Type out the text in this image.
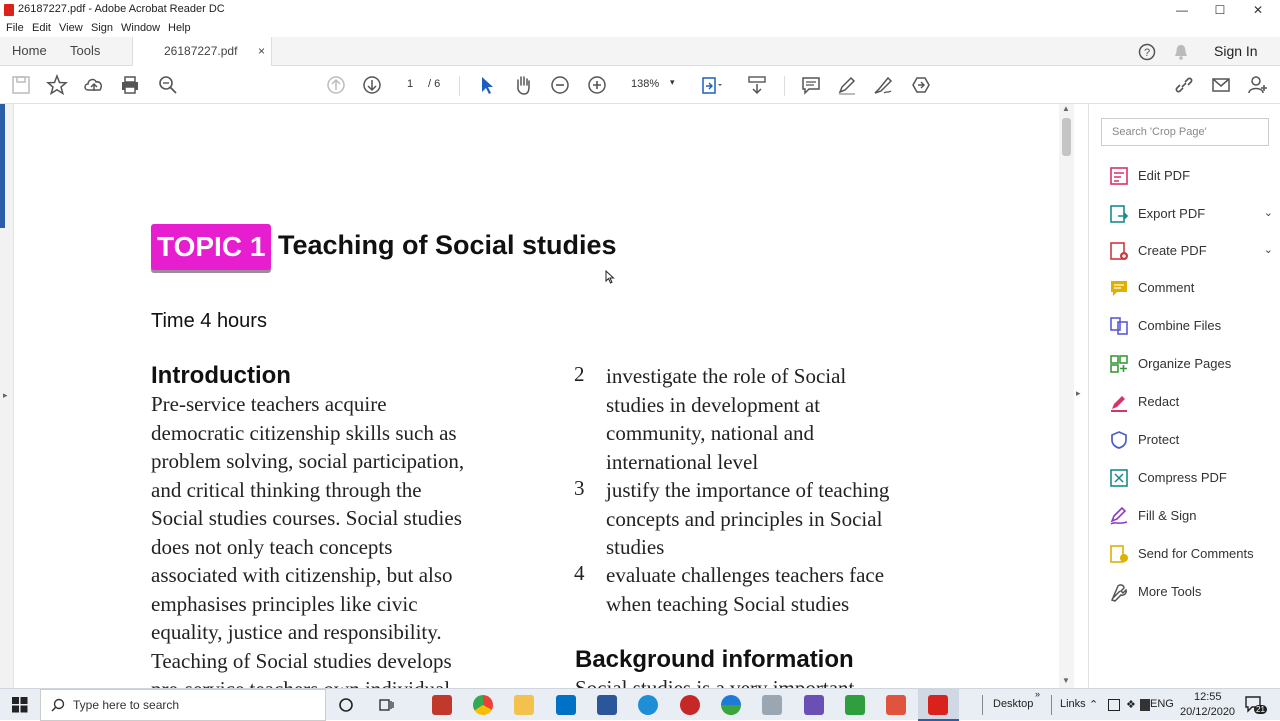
26187227.pdf - Adobe Acrobat Reader DC	—	☐	✕
File Edit View Sign Window Help
Home Tools	26187227.pdf ×	?	Sign In
1	/ 6	138% ▾
▸
TOPIC 1 Teaching of Social studies
Time 4 hours
Introduction
Pre-service teachers acquire
democratic citizenship skills such as
problem solving, social participation,
and critical thinking through the
Social studies courses. Social studies
does not only teach concepts
associated with citizenship, but also
emphasises principles like civic
equality, justice and responsibility.
Teaching of Social studies develops
2 investigate the role of Social
studies in development at
community, national and
international level
3 justify the importance of teaching
concepts and principles in Social
studies
4 evaluate challenges teachers face
when teaching Social studies
Background information
▲
▼
▸
Search 'Crop Page'
Edit PDF
Export PDF	⌄
Create PDF	⌄
Comment
Combine Files
Organize Pages
Redact
Protect
Compress PDF
Fill & Sign
Send for Comments
More Tools
Type here to search	Desktop
»
Links ⌃	❖ ENG
12:55
20/12/2020	21
